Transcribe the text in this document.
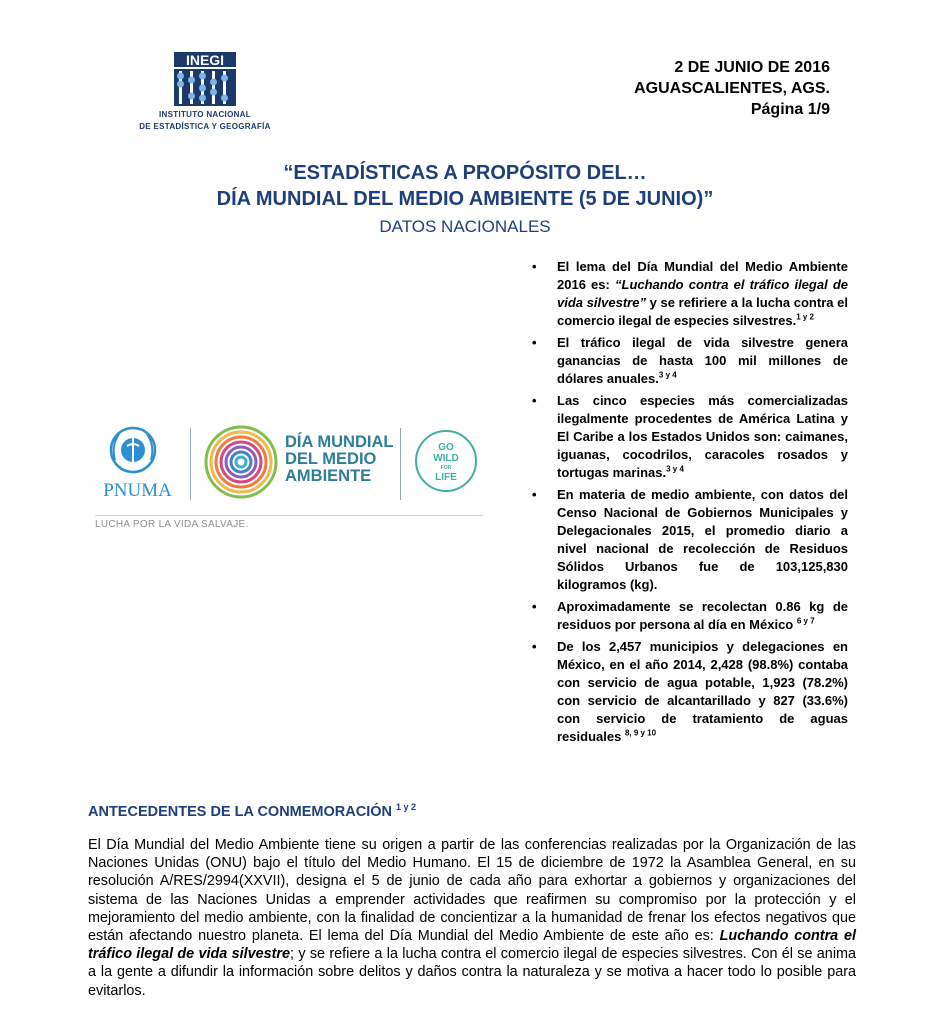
INEGI
INSTITUTO NACIONAL
DE ESTADÍSTICA Y GEOGRAFÍA
2 DE JUNIO DE 2016
AGUASCALIENTES, AGS.
Página 1/9
“ESTADÍSTICAS A PROPÓSITO DEL…
DÍA MUNDIAL DEL MEDIO AMBIENTE (5 DE JUNIO)”
DATOS NACIONALES
PNUMA
DÍA MUNDIAL
DEL MEDIO
AMBIENTE
GO
WILD
FOR
LIFE
LUCHA POR LA VIDA SALVAJE.
• El lema del Día Mundial del Medio Ambiente 2016 es: “Luchando contra el tráfico ilegal de vida silvestre” y se refiriere a la lucha contra el comercio ilegal de especies silvestres.$^{1 y 2}$
• El tráfico ilegal de vida silvestre genera ganancias de hasta 100 mil millones de dólares anuales.$^{3 y 4}$
• Las cinco especies más comercializadas ilegalmente procedentes de América Latina y El Caribe a los Estados Unidos son: caimanes, iguanas, cocodrilos, caracoles rosados y tortugas marinas.$^{3 y 4}$
• En materia de medio ambiente, con datos del Censo Nacional de Gobiernos Municipales y Delegacionales 2015, el promedio diario a nivel nacional de recolección de Residuos Sólidos Urbanos fue de 103,125,830 kilogramos (kg).
• Aproximadamente se recolectan 0.86 kg de residuos por persona al día en México $^{6 y 7}$
• De los 2,457 municipios y delegaciones en México, en el año 2014, 2,428 (98.8%) contaba con servicio de agua potable, 1,923 (78.2%) con servicio de alcantarillado y 827 (33.6%) con servicio de tratamiento de aguas residuales $^{8, 9 y 10}$
ANTECEDENTES DE LA CONMEMORACIÓN $^{1 y 2}$

El Día Mundial del Medio Ambiente tiene su origen a partir de las conferencias realizadas por la Organización de las Naciones Unidas (ONU) bajo el título del Medio Humano. El 15 de diciembre de 1972 la Asamblea General, en su resolución A/RES/2994(XXVII), designa el 5 de junio de cada año para exhortar a gobiernos y organizaciones del sistema de las Naciones Unidas a emprender actividades que reafirmen su compromiso por la protección y el mejoramiento del medio ambiente, con la finalidad de concientizar a la humanidad de frenar los efectos negativos que están afectando nuestro planeta. El lema del Día Mundial del Medio Ambiente de este año es: Luchando contra el tráfico ilegal de vida silvestre; y se refiere a la lucha contra el comercio ilegal de especies silvestres. Con él se anima a la gente a difundir la información sobre delitos y daños contra la naturaleza y se motiva a hacer todo lo posible para evitarlos.
